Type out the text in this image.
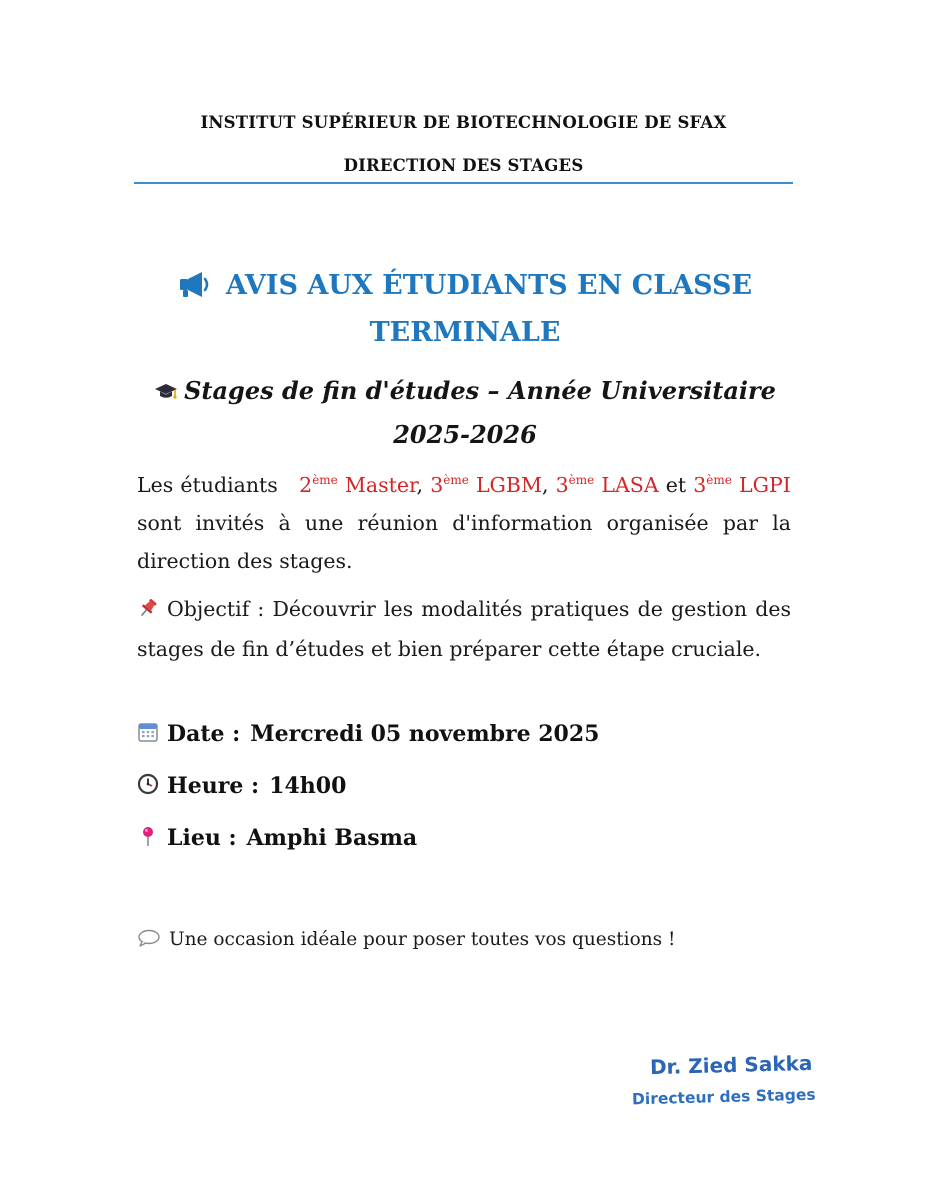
INSTITUT SUPÉRIEUR DE BIOTECHNOLOGIE DE SFAX
DIRECTION DES STAGES
AVIS AUX ÉTUDIANTS EN CLASSE
TERMINALE
Stages de fin d'études – Année Universitaire
2025-2026
Les étudiants 2ème Master, 3ème LGBM, 3ème LASA et 3ème LGPI sont invités à une réunion d'information organisée par la direction des stages.
Objectif : Découvrir les modalités pratiques de gestion des stages de fin d’études et bien préparer cette étape cruciale.
Date : Mercredi 05 novembre 2025
Heure : 14h00
Lieu : Amphi Basma
Une occasion idéale pour poser toutes vos questions !
Dr. Zied Sakka
Directeur des Stages
